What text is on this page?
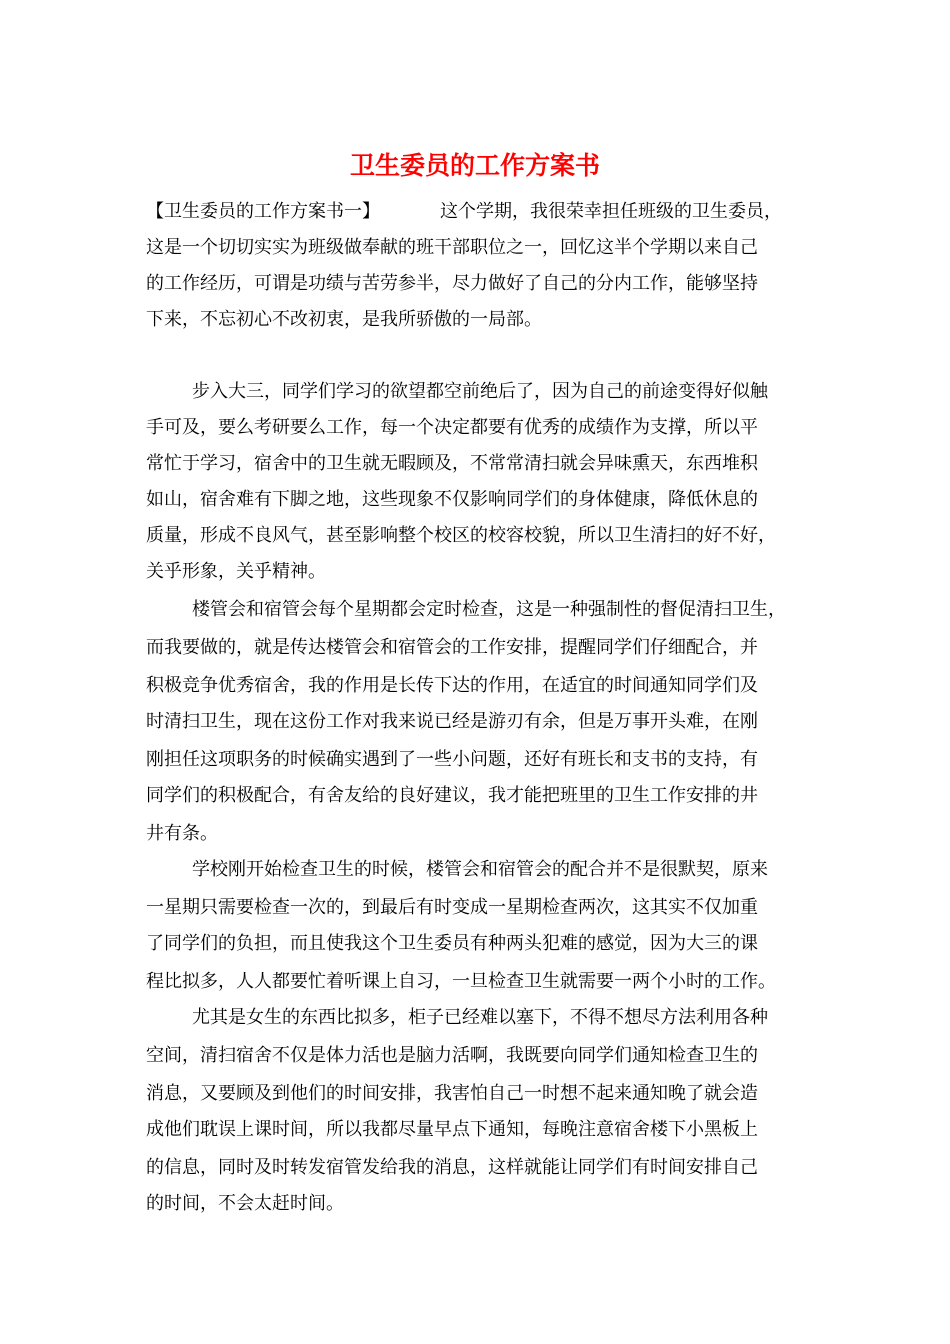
卫生委员的工作方案书
【卫生委员的工作方案书一】	这个学期，我很荣幸担任班级的卫生委员，

这是一个切切实实为班级做奉献的班干部职位之一，回忆这半个学期以来自己

的工作经历，可谓是功绩与苦劳参半，尽力做好了自己的分内工作，能够坚持

下来，不忘初心不改初衷，是我所骄傲的一局部。

步入大三，同学们学习的欲望都空前绝后了，因为自己的前途变得好似触

手可及，要么考研要么工作，每一个决定都要有优秀的成绩作为支撑，所以平

常忙于学习，宿舍中的卫生就无暇顾及，不常常清扫就会异味熏天，东西堆积

如山，宿舍难有下脚之地，这些现象不仅影响同学们的身体健康，降低休息的

质量，形成不良风气，甚至影响整个校区的校容校貌，所以卫生清扫的好不好，

关乎形象，关乎精神。

楼管会和宿管会每个星期都会定时检查，这是一种强制性的督促清扫卫生，

而我要做的，就是传达楼管会和宿管会的工作安排，提醒同学们仔细配合，并

积极竞争优秀宿舍，我的作用是长传下达的作用，在适宜的时间通知同学们及

时清扫卫生，现在这份工作对我来说已经是游刃有余，但是万事开头难，在刚

刚担任这项职务的时候确实遇到了一些小问题，还好有班长和支书的支持，有

同学们的积极配合，有舍友给的良好建议，我才能把班里的卫生工作安排的井

井有条。

学校刚开始检查卫生的时候，楼管会和宿管会的配合并不是很默契，原来

一星期只需要检查一次的，到最后有时变成一星期检查两次，这其实不仅加重

了同学们的负担，而且使我这个卫生委员有种两头犯难的感觉，因为大三的课

程比拟多，人人都要忙着听课上自习，一旦检查卫生就需要一两个小时的工作。

尤其是女生的东西比拟多，柜子已经难以塞下，不得不想尽方法利用各种

空间，清扫宿舍不仅是体力活也是脑力活啊，我既要向同学们通知检查卫生的

消息，又要顾及到他们的时间安排，我害怕自己一时想不起来通知晚了就会造

成他们耽误上课时间，所以我都尽量早点下通知，每晚注意宿舍楼下小黑板上

的信息，同时及时转发宿管发给我的消息，这样就能让同学们有时间安排自己

的时间，不会太赶时间。
